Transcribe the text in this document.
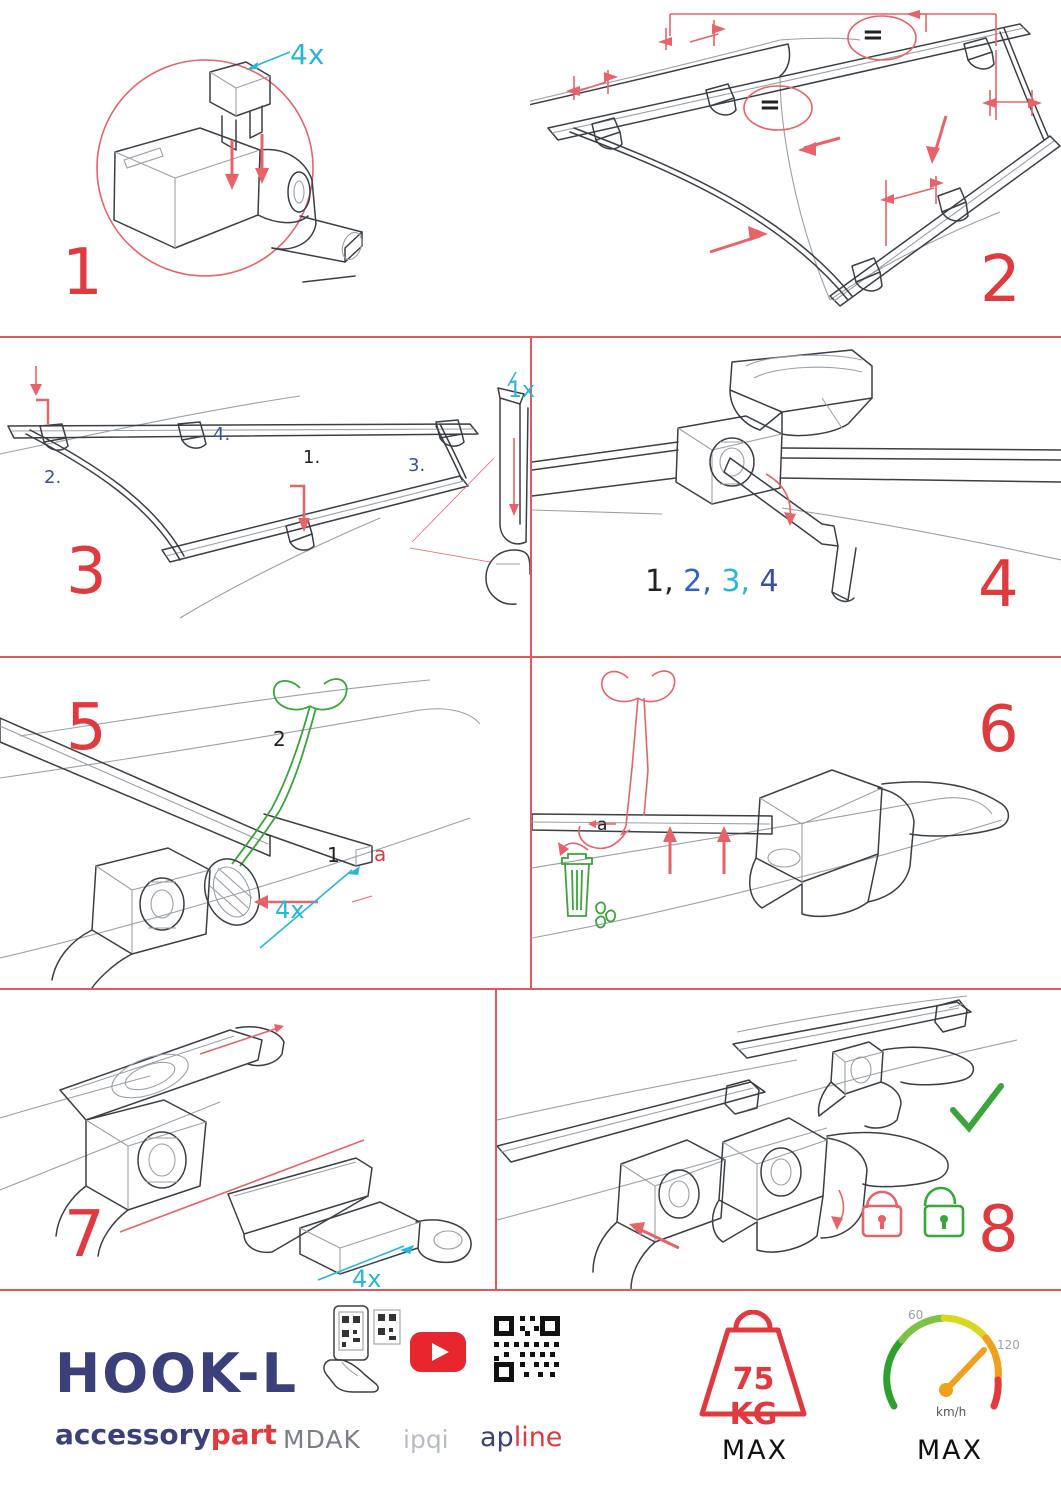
4x
1
=
=
2
1.
2.
3.
4.
1x
3	1, 2, 3, 4	4
1
2
a
4x
5
a
6
4x
7	8
HOOK-L
accessorypart MDAK ipqi apline
75 KG
MAX
60
120
km/h
MAX
